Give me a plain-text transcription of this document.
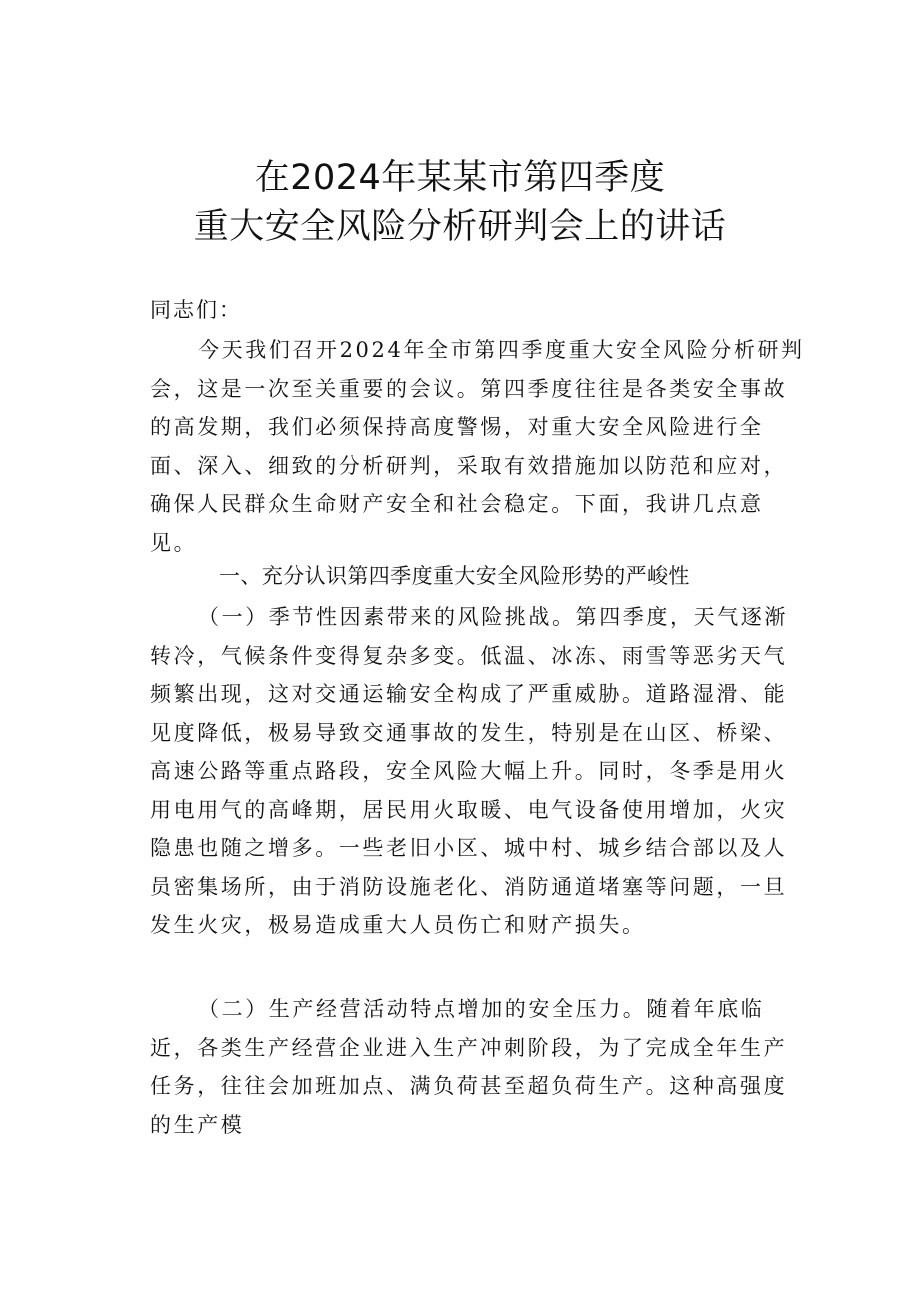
在2024年某某市第四季度
重大安全风险分析研判会上的讲话
同志们：

今天我们召开2024年全市第四季度重大安全风险分析研判会，这是一次至关重要的会议。第四季度往往是各类安全事故的高发期，我们必须保持高度警惕，对重大安全风险进行全面、深入、细致的分析研判，采取有效措施加以防范和应对，确保人民群众生命财产安全和社会稳定。下面，我讲几点意见。

一、充分认识第四季度重大安全风险形势的严峻性

（一）季节性因素带来的风险挑战。第四季度，天气逐渐转冷，气候条件变得复杂多变。低温、冰冻、雨雪等恶劣天气频繁出现，这对交通运输安全构成了严重威胁。道路湿滑、能见度降低，极易导致交通事故的发生，特别是在山区、桥梁、高速公路等重点路段，安全风险大幅上升。同时，冬季是用火用电用气的高峰期，居民用火取暖、电气设备使用增加，火灾隐患也随之增多。一些老旧小区、城中村、城乡结合部以及人员密集场所，由于消防设施老化、消防通道堵塞等问题，一旦发生火灾，极易造成重大人员伤亡和财产损失。

（二）生产经营活动特点增加的安全压力。随着年底临近，各类生产经营企业进入生产冲刺阶段，为了完成全年生产任务，往往会加班加点、满负荷甚至超负荷生产。这种高强度的生产模
